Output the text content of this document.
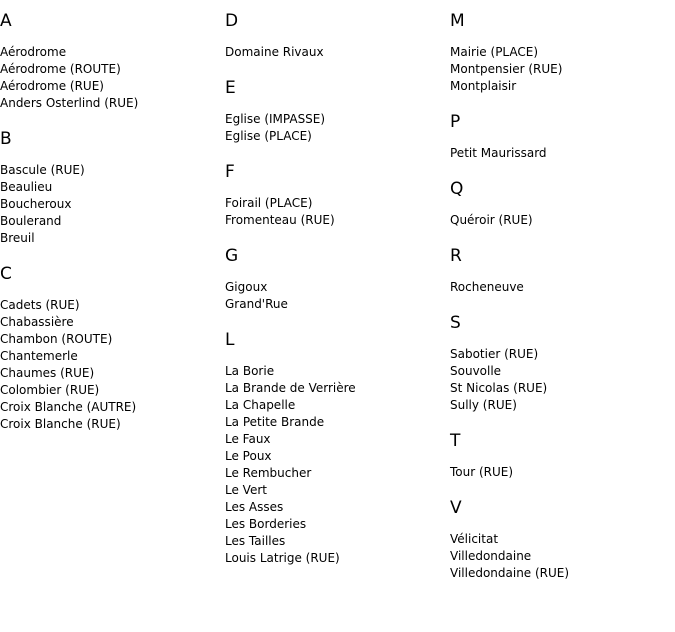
A
Aérodrome
Aérodrome (ROUTE)
Aérodrome (RUE)
Anders Osterlind (RUE)
B
Bascule (RUE)
Beaulieu
Boucheroux
Boulerand
Breuil
C
Cadets (RUE)
Chabassière
Chambon (ROUTE)
Chantemerle
Chaumes (RUE)
Colombier (RUE)
Croix Blanche (AUTRE)
Croix Blanche (RUE)
D
Domaine Rivaux
E
Eglise (IMPASSE)
Eglise (PLACE)
F
Foirail (PLACE)
Fromenteau (RUE)
G
Gigoux
Grand'Rue
L
La Borie
La Brande de Verrière
La Chapelle
La Petite Brande
Le Faux
Le Poux
Le Rembucher
Le Vert
Les Asses
Les Borderies
Les Tailles
Louis Latrige (RUE)
M
Mairie (PLACE)
Montpensier (RUE)
Montplaisir
P
Petit Maurissard
Q
Quéroir (RUE)
R
Rocheneuve
S
Sabotier (RUE)
Souvolle
St Nicolas (RUE)
Sully (RUE)
T
Tour (RUE)
V
Vélicitat
Villedondaine
Villedondaine (RUE)
